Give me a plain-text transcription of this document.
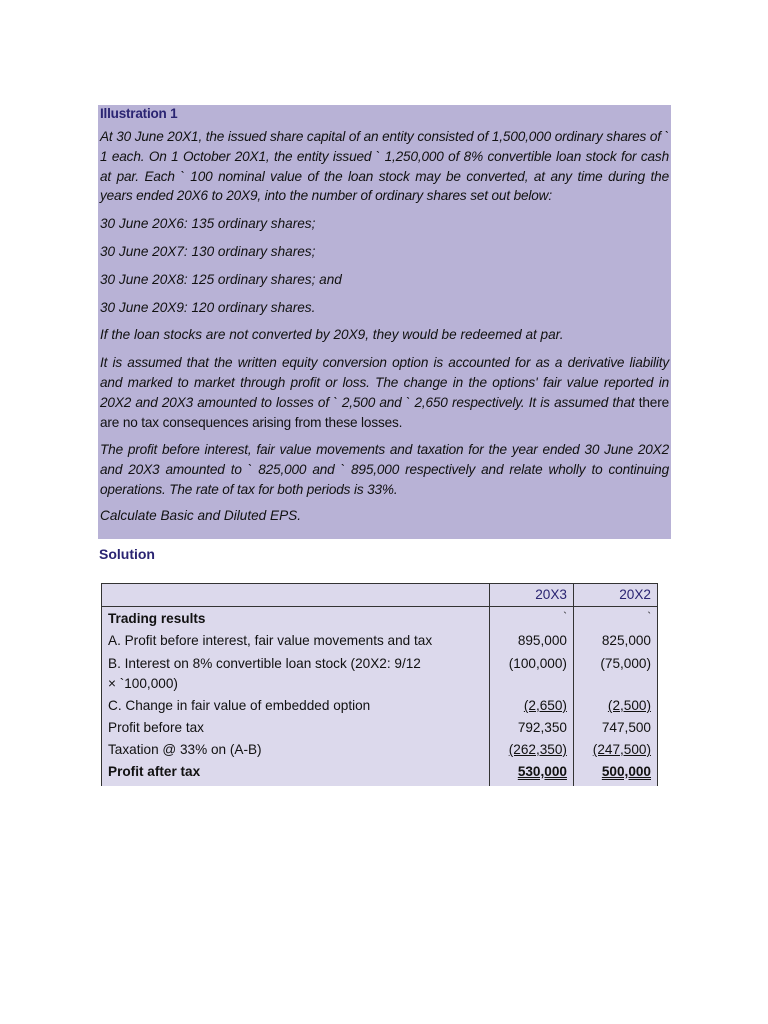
Illustration 1

At 30 June 20X1, the issued share capital of an entity consisted of 1,500,000 ordinary shares of ` 1 each. On 1 October 20X1, the entity issued ` 1,250,000 of 8% convertible loan stock for cash at par. Each ` 100 nominal value of the loan stock may be converted, at any time during the years ended 20X6 to 20X9, into the number of ordinary shares set out below:

30 June 20X6: 135 ordinary shares;

30 June 20X7: 130 ordinary shares;

30 June 20X8: 125 ordinary shares; and

30 June 20X9: 120 ordinary shares.

If the loan stocks are not converted by 20X9, they would be redeemed at par.

It is assumed that the written equity conversion option is accounted for as a derivative liability and marked to market through profit or loss. The change in the options' fair value reported in 20X2 and 20X3 amounted to losses of ` 2,500 and ` 2,650 respectively. It is assumed that there are no tax consequences arising from these losses.

The profit before interest, fair value movements and taxation for the year ended 30 June 20X2 and 20X3 amounted to ` 825,000 and ` 895,000 respectively and relate wholly to continuing operations. The rate of tax for both periods is 33%.

Calculate Basic and Diluted EPS.

Solution
	20X3	20X2
Trading results	`	`
A. Profit before interest, fair value movements and tax	895,000	825,000
B. Interest on 8% convertible loan stock (20X2: 9/12 × `100,000)	(100,000)	(75,000)
C. Change in fair value of embedded option	(2,650)	(2,500)
Profit before tax	792,350	747,500
Taxation @ 33% on (A-B)	(262,350)	(247,500)
Profit after tax	530,000	500,000
